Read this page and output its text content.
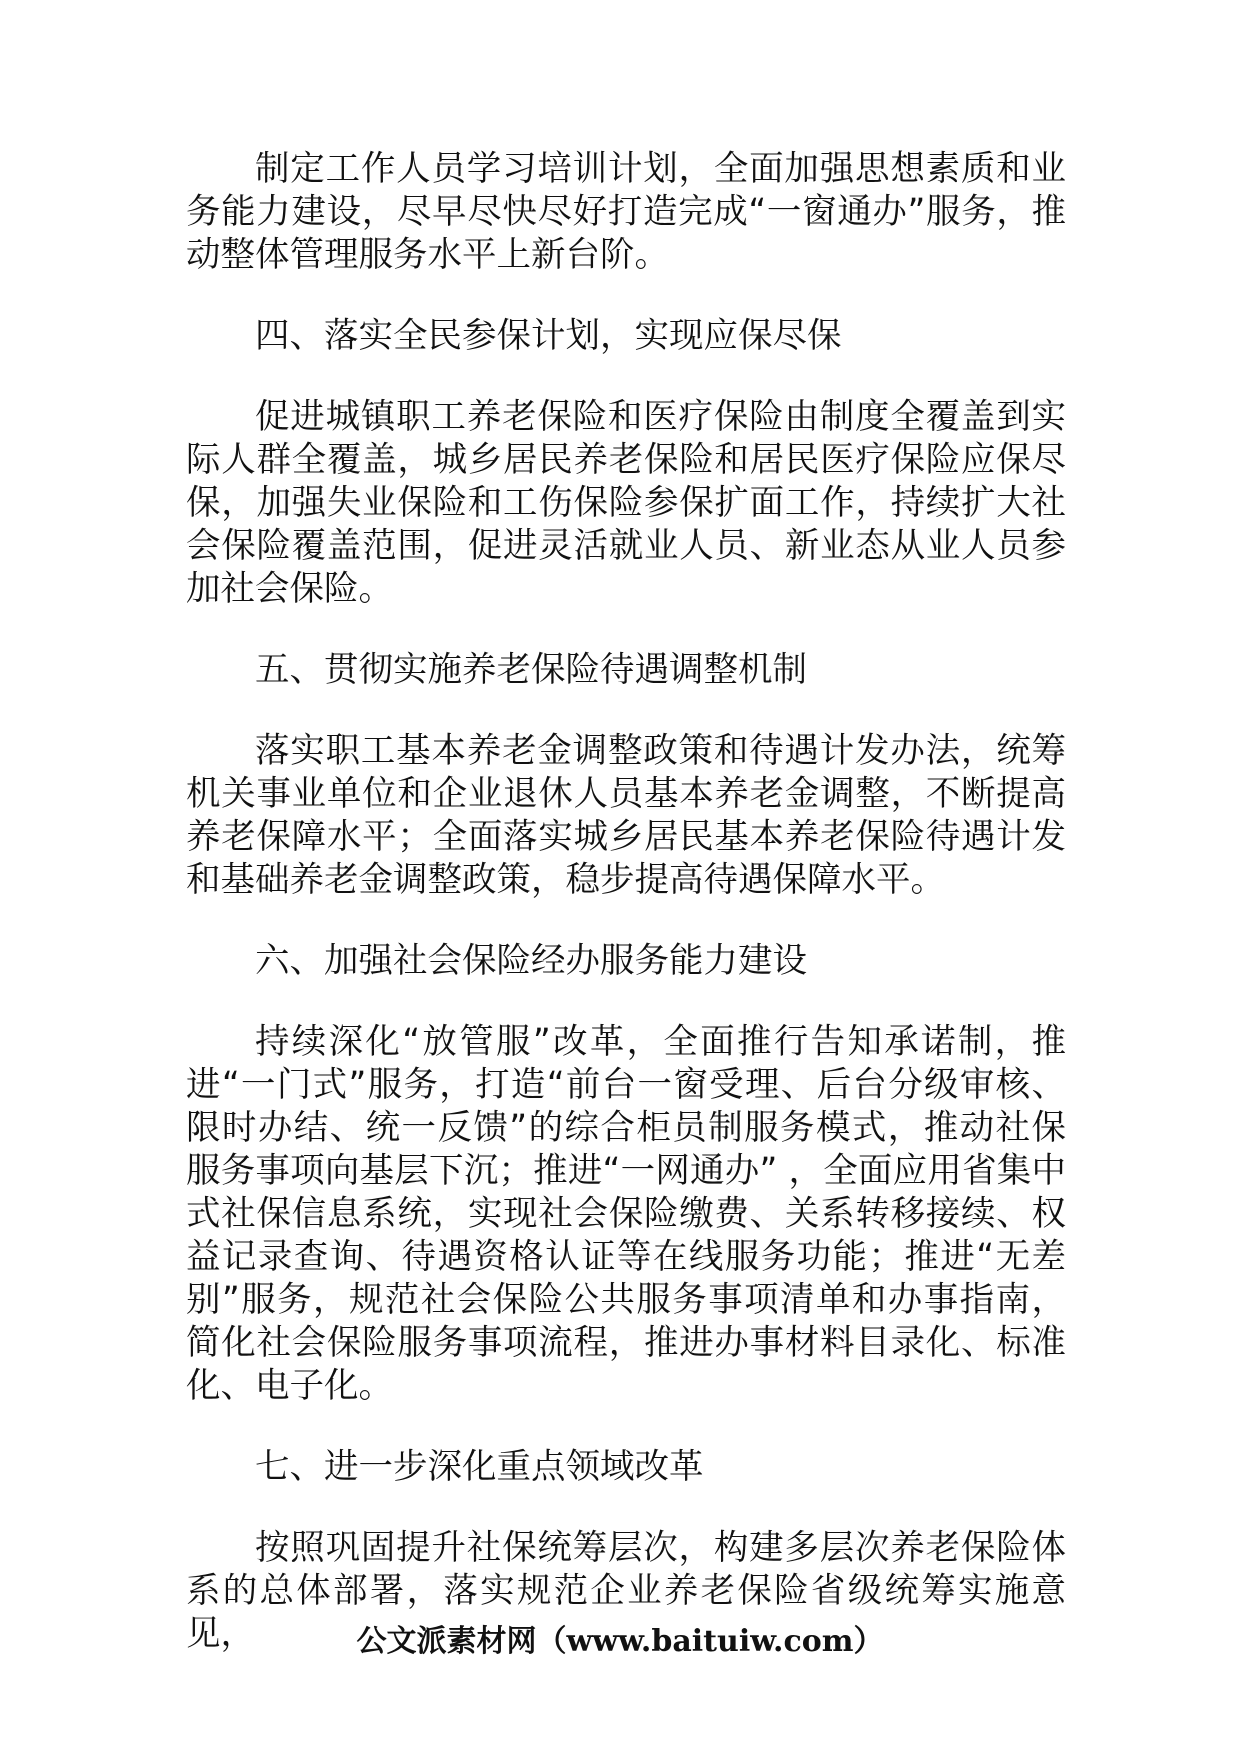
制定工作人员学习培训计划，全面加强思想素质和业务能力建设，尽早尽快尽好打造完成“一窗通办”服务，推动整体管理服务水平上新台阶。

四、落实全民参保计划，实现应保尽保

促进城镇职工养老保险和医疗保险由制度全覆盖到实际人群全覆盖，城乡居民养老保险和居民医疗保险应保尽保，加强失业保险和工伤保险参保扩面工作，持续扩大社会保险覆盖范围，促进灵活就业人员、新业态从业人员参加社会保险。

五、贯彻实施养老保险待遇调整机制

落实职工基本养老金调整政策和待遇计发办法，统筹机关事业单位和企业退休人员基本养老金调整，不断提高养老保障水平；全面落实城乡居民基本养老保险待遇计发和基础养老金调整政策，稳步提高待遇保障水平。

六、加强社会保险经办服务能力建设

持续深化“放管服”改革，全面推行告知承诺制，推进“一门式”服务，打造“前台一窗受理、后台分级审核、限时办结、统一反馈”的综合柜员制服务模式，推动社保服务事项向基层下沉；推进“一网通办” ，全面应用省集中式社保信息系统，实现社会保险缴费、关系转移接续、权益记录查询、待遇资格认证等在线服务功能；推进“无差别”服务，规范社会保险公共服务事项清单和办事指南，简化社会保险服务事项流程，推进办事材料目录化、标准化、电子化。

七、进一步深化重点领域改革

按照巩固提升社保统筹层次，构建多层次养老保险体系的总体部署，落实规范企业养老保险省级统筹实施意见，	公文派素材网（www.baituiw.com）
